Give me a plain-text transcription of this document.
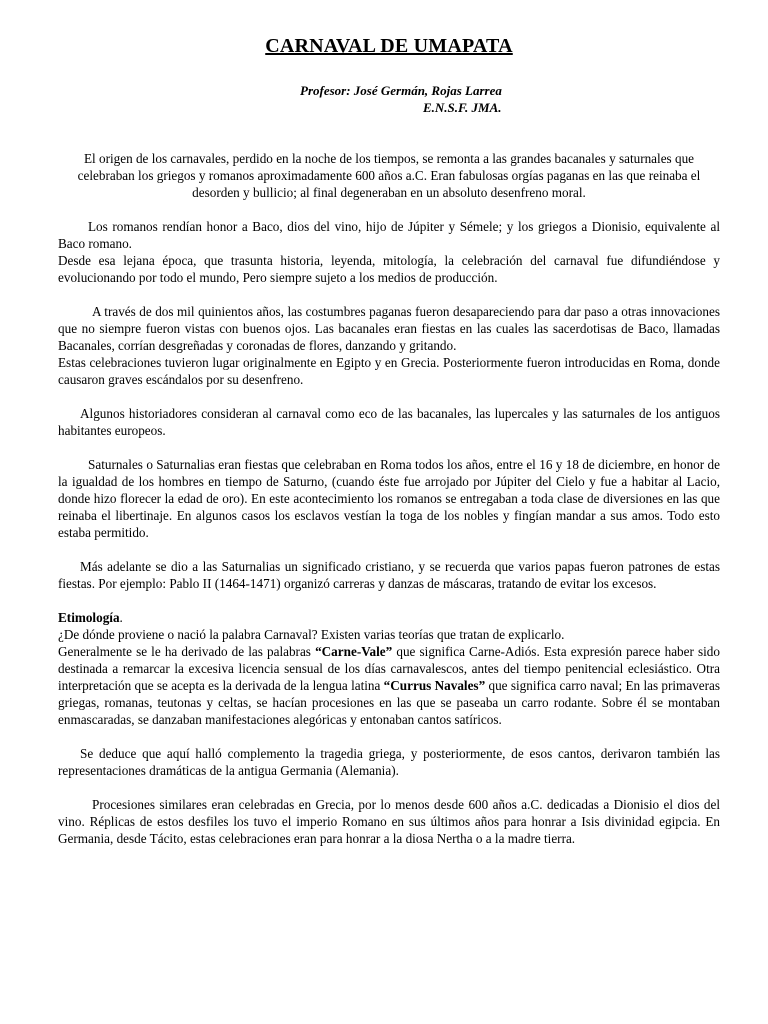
CARNAVAL DE UMAPATA
Profesor: José Germán, Rojas Larrea
E.N.S.F. JMA.

El origen de los carnavales, perdido en la noche de los tiempos, se remonta a las grandes bacanales y saturnales que celebraban los griegos y romanos aproximadamente 600 años a.C. Eran fabulosas orgías paganas en las que reinaba el desorden y bullicio; al final degeneraban en un absoluto desenfreno moral.

Los romanos rendían honor a Baco, dios del vino, hijo de Júpiter y Sémele; y los griegos a Dionisio, equivalente al Baco romano.

Desde esa lejana época, que trasunta historia, leyenda, mitología, la celebración del carnaval fue difundiéndose y evolucionando por todo el mundo, Pero siempre sujeto a los medios de producción.

A través de dos mil quinientos años, las costumbres paganas fueron desapareciendo para dar paso a otras innovaciones que no siempre fueron vistas con buenos ojos. Las bacanales eran fiestas en las cuales las sacerdotisas de Baco, llamadas Bacanales, corrían desgreñadas y coronadas de flores, danzando y gritando.

Estas celebraciones tuvieron lugar originalmente en Egipto y en Grecia. Posteriormente fueron introducidas en Roma, donde causaron graves escándalos por su desenfreno.

Algunos historiadores consideran al carnaval como eco de las bacanales, las lupercales y las saturnales de los antiguos habitantes europeos.

Saturnales o Saturnalias eran fiestas que celebraban en Roma todos los años, entre el 16 y 18 de diciembre, en honor de la igualdad de los hombres en tiempo de Saturno, (cuando éste fue arrojado por Júpiter del Cielo y fue a habitar al Lacio, donde hizo florecer la edad de oro). En este acontecimiento los romanos se entregaban a toda clase de diversiones en las que reinaba el libertinaje. En algunos casos los esclavos vestían la toga de los nobles y fingían mandar a sus amos. Todo esto estaba permitido.

Más adelante se dio a las Saturnalias un significado cristiano, y se recuerda que varios papas fueron patrones de estas fiestas. Por ejemplo: Pablo II (1464-1471) organizó carreras y danzas de máscaras, tratando de evitar los excesos.

Etimología.

¿De dónde proviene o nació la palabra Carnaval? Existen varias teorías que tratan de explicarlo.

Generalmente se le ha derivado de las palabras “Carne-Vale” que significa Carne-Adiós. Esta expresión parece haber sido destinada a remarcar la excesiva licencia sensual de los días carnavalescos, antes del tiempo penitencial eclesiástico. Otra interpretación que se acepta es la derivada de la lengua latina “Currus Navales” que significa carro naval; En las primaveras griegas, romanas, teutonas y celtas, se hacían procesiones en las que se paseaba un carro rodante. Sobre él se montaban enmascaradas, se danzaban manifestaciones alegóricas y entonaban cantos satíricos.

Se deduce que aquí halló complemento la tragedia griega, y posteriormente, de esos cantos, derivaron también las representaciones dramáticas de la antigua Germania (Alemania).

Procesiones similares eran celebradas en Grecia, por lo menos desde 600 años a.C. dedicadas a Dionisio el dios del vino. Réplicas de estos desfiles los tuvo el imperio Romano en sus últimos años para honrar a Isis divinidad egipcia. En Germania, desde Tácito, estas celebraciones eran para honrar a la diosa Nertha o a la madre tierra.
